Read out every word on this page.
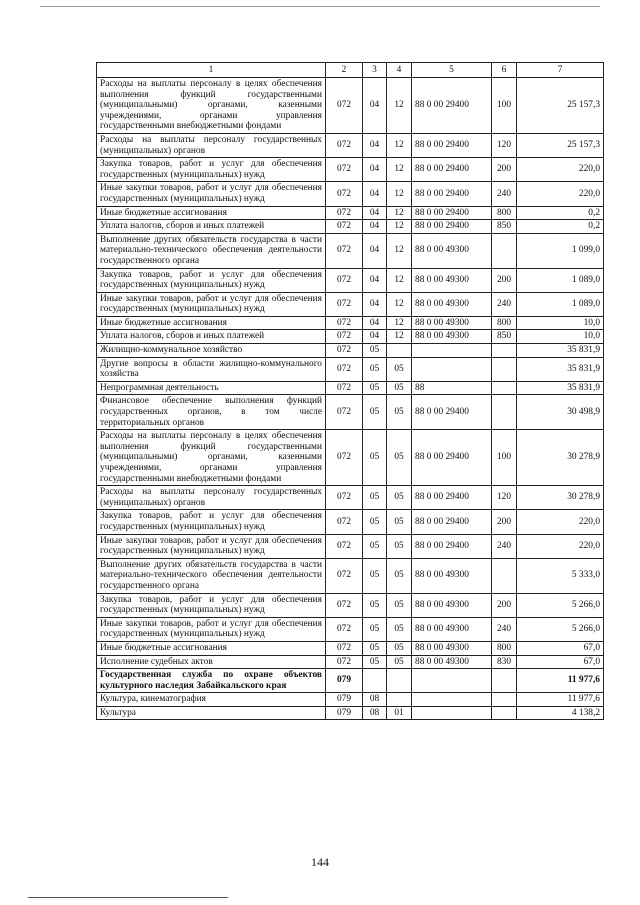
1	2	3	4	5	6	7
Расходы на выплаты персоналу в целях обеспечения выполнения функций государственными (муниципальными) органами, казенными учреждениями, органами управления государственными внебюджетными фондами	072	04	12	88 0 00 29400	100	25 157,3
Расходы на выплаты персоналу государственных (муниципальных) органов	072	04	12	88 0 00 29400	120	25 157,3
Закупка товаров, работ и услуг для обеспечения государственных (муниципальных) нужд	072	04	12	88 0 00 29400	200	220,0
Иные закупки товаров, работ и услуг для обеспечения государственных (муниципальных) нужд	072	04	12	88 0 00 29400	240	220,0
Иные бюджетные ассигнования	072	04	12	88 0 00 29400	800	0,2
Уплата налогов, сборов и иных платежей	072	04	12	88 0 00 29400	850	0,2
Выполнение других обязательств государства в части материально-технического обеспечения деятельности государственного органа	072	04	12	88 0 00 49300		1 099,0
Закупка товаров, работ и услуг для обеспечения государственных (муниципальных) нужд	072	04	12	88 0 00 49300	200	1 089,0
Иные закупки товаров, работ и услуг для обеспечения государственных (муниципальных) нужд	072	04	12	88 0 00 49300	240	1 089,0
Иные бюджетные ассигнования	072	04	12	88 0 00 49300	800	10,0
Уплата налогов, сборов и иных платежей	072	04	12	88 0 00 49300	850	10,0
Жилищно-коммунальное хозяйство	072	05				35 831,9
Другие вопросы в области жилищно-коммунального хозяйства	072	05	05			35 831,9
Непрограммная деятельность	072	05	05	88		35 831,9
Финансовое обеспечение выполнения функций государственных органов, в том числе территориальных органов	072	05	05	88 0 00 29400		30 498,9
Расходы на выплаты персоналу в целях обеспечения выполнения функций государственными (муниципальными) органами, казенными учреждениями, органами управления государственными внебюджетными фондами	072	05	05	88 0 00 29400	100	30 278,9
Расходы на выплаты персоналу государственных (муниципальных) органов	072	05	05	88 0 00 29400	120	30 278,9
Закупка товаров, работ и услуг для обеспечения государственных (муниципальных) нужд	072	05	05	88 0 00 29400	200	220,0
Иные закупки товаров, работ и услуг для обеспечения государственных (муниципальных) нужд	072	05	05	88 0 00 29400	240	220,0
Выполнение других обязательств государства в части материально-технического обеспечения деятельности государственного органа	072	05	05	88 0 00 49300		5 333,0
Закупка товаров, работ и услуг для обеспечения государственных (муниципальных) нужд	072	05	05	88 0 00 49300	200	5 266,0
Иные закупки товаров, работ и услуг для обеспечения государственных (муниципальных) нужд	072	05	05	88 0 00 49300	240	5 266,0
Иные бюджетные ассигнования	072	05	05	88 0 00 49300	800	67,0
Исполнение судебных актов	072	05	05	88 0 00 49300	830	67,0
Государственная служба по охране объектов культурного наследия Забайкальского края	079					11 977,6
Культура, кинематография	079	08				11 977,6
Культура	079	08	01			4 138,2
144
